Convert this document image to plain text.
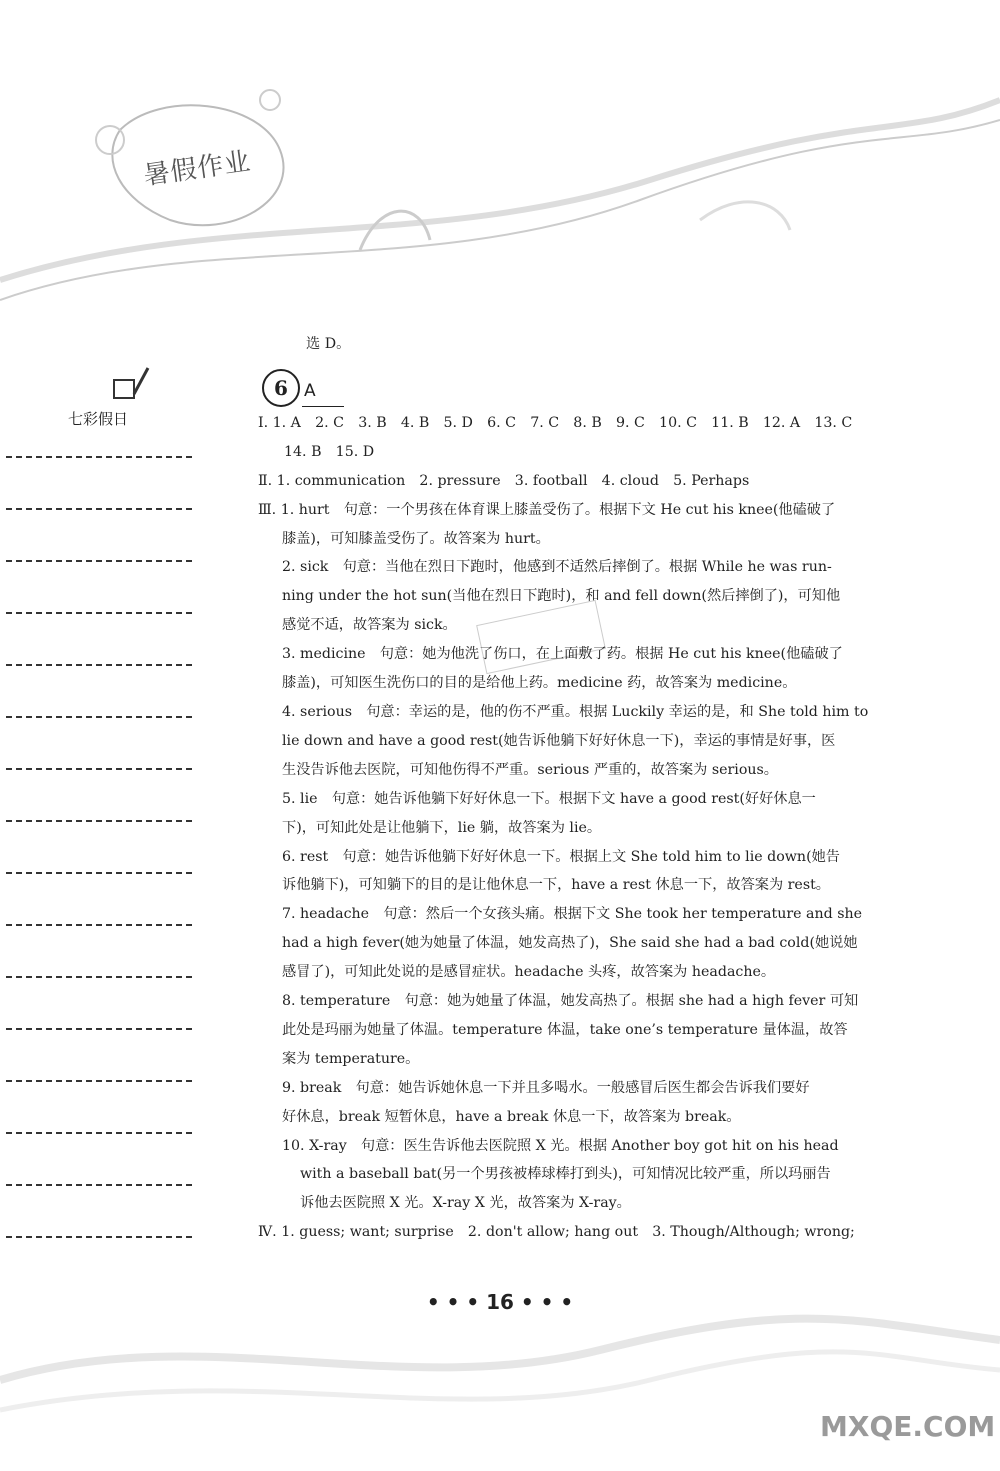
暑假作业
七彩假日

选 D。

6 A

Ⅰ. 1. A　2. C　3. B　4. B　5. D　6. C　7. C　8. B　9. C　10. C　11. B　12. A　13. C

14. B　15. D

Ⅱ. 1. communication　2. pressure　3. football　4. cloud　5. Perhaps

Ⅲ. 1. hurt　句意：一个男孩在体育课上膝盖受伤了。根据下文 He cut his knee(他磕破了

膝盖)，可知膝盖受伤了。故答案为 hurt。

2. sick　句意：当他在烈日下跑时，他感到不适然后摔倒了。根据 While he was run-

ning under the hot sun(当他在烈日下跑时)，和 and fell down(然后摔倒了)，可知他

感觉不适，故答案为 sick。

3. medicine　句意：她为他洗了伤口，在上面敷了药。根据 He cut his knee(他磕破了

膝盖)，可知医生洗伤口的目的是给他上药。medicine 药，故答案为 medicine。

4. serious　句意：幸运的是，他的伤不严重。根据 Luckily 幸运的是，和 She told him to

lie down and have a good rest(她告诉他躺下好好休息一下)，幸运的事情是好事，医

生没告诉他去医院，可知他伤得不严重。serious 严重的，故答案为 serious。

5. lie　句意：她告诉他躺下好好休息一下。根据下文 have a good rest(好好休息一

下)，可知此处是让他躺下，lie 躺，故答案为 lie。

6. rest　句意：她告诉他躺下好好休息一下。根据上文 She told him to lie down(她告

诉他躺下)，可知躺下的目的是让他休息一下，have a rest 休息一下，故答案为 rest。

7. headache　句意：然后一个女孩头痛。根据下文 She took her temperature and she

had a high fever(她为她量了体温，她发高热了)，She said she had a bad cold(她说她

感冒了)，可知此处说的是感冒症状。headache 头疼，故答案为 headache。

8. temperature　句意：她为她量了体温，她发高热了。根据 she had a high fever 可知

此处是玛丽为她量了体温。temperature 体温，take one’s temperature 量体温，故答

案为 temperature。

9. break　句意：她告诉她休息一下并且多喝水。一般感冒后医生都会告诉我们要好

好休息，break 短暂休息，have a break 休息一下，故答案为 break。

10. X-ray　句意：医生告诉他去医院照 X 光。根据 Another boy got hit on his head

with a baseball bat(另一个男孩被棒球棒打到头)，可知情况比较严重，所以玛丽告

诉他去医院照 X 光。X-ray X 光，故答案为 X-ray。

Ⅳ. 1. guess; want; surprise　2. don't allow; hang out　3. Though/Although; wrong;

• • • 16 • • •
MXQE.COM
